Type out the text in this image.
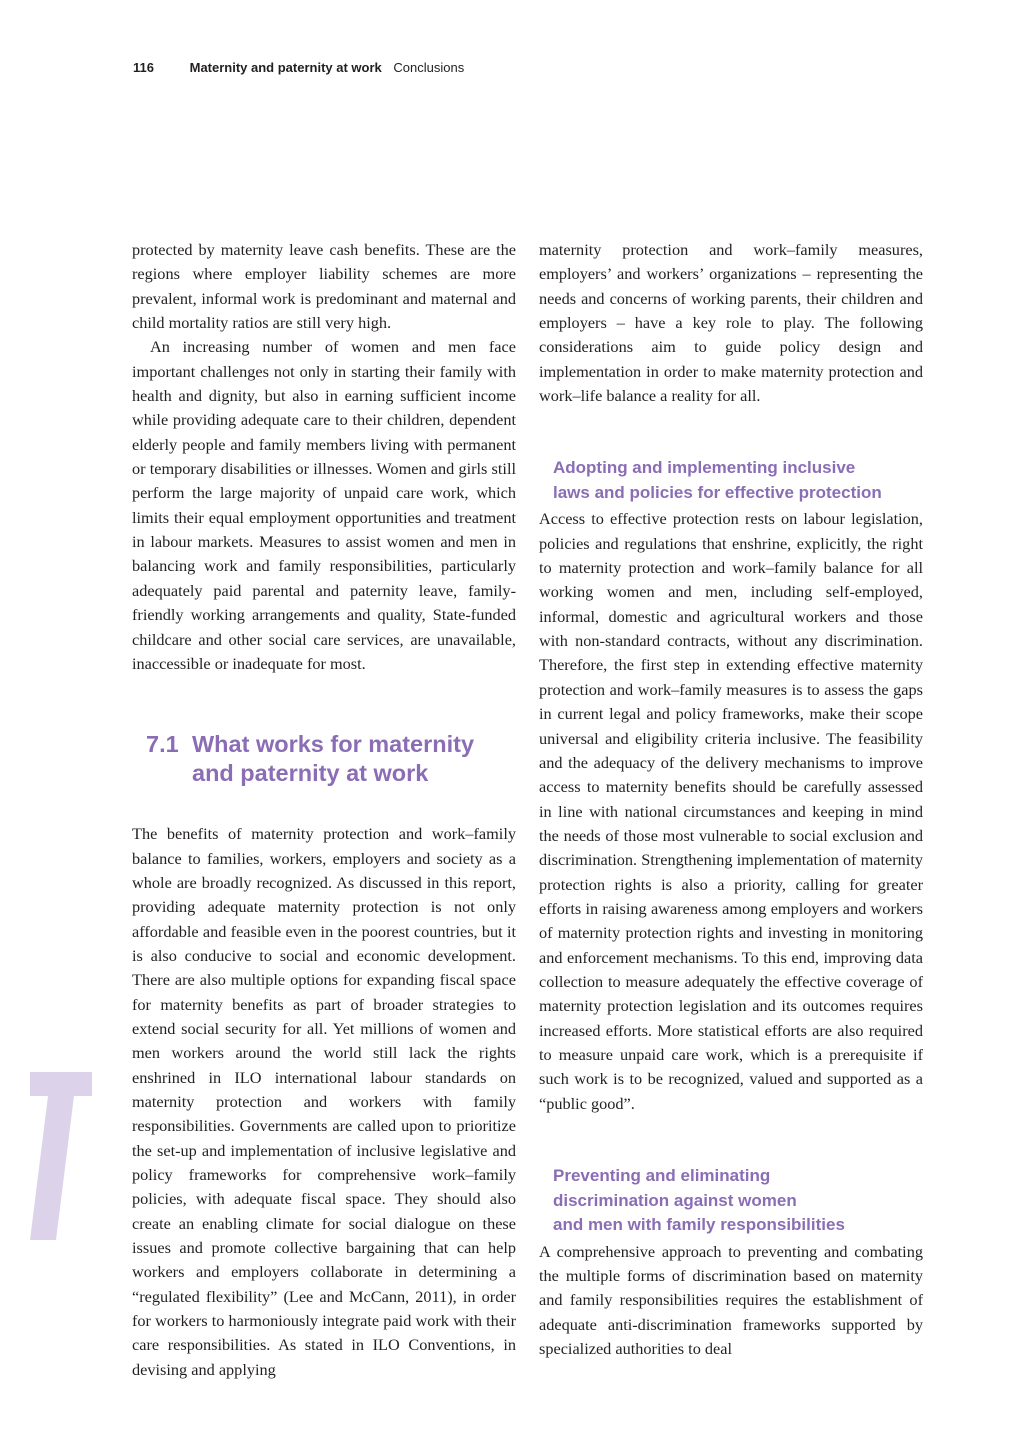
116	Maternity and paternity at work Conclusions

protected by maternity leave cash benefits. These are the regions where employer liability schemes are more prevalent, informal work is predominant and maternal and child mortality ratios are still very high.

An increasing number of women and men face important challenges not only in starting their family with health and dignity, but also in earning sufficient income while providing adequate care to their children, dependent elderly people and family members living with permanent or temporary disabilities or illnesses. Women and girls still perform the large majority of unpaid care work, which limits their equal employment opportunities and treatment in labour markets. Measures to assist women and men in balancing work and family responsibilities, particularly adequately paid parental and paternity leave, family-friendly working arrangements and quality, State-funded childcare and other social care services, are unavailable, inaccessible or inadequate for most.

7.1 What works for maternity
and paternity at work

The benefits of maternity protection and work–family balance to families, workers, employers and society as a whole are broadly recognized. As discussed in this report, providing adequate maternity protection is not only affordable and feasible even in the poorest countries, but it is also conducive to social and economic development. There are also multiple options for expanding fiscal space for maternity benefits as part of broader strategies to extend social security for all. Yet millions of women and men workers around the world still lack the rights enshrined in ILO international labour standards on maternity protection and workers with family responsibilities. Governments are called upon to prioritize the set-up and implementation of inclusive legislative and policy frameworks for comprehensive work–family policies, with adequate fiscal space. They should also create an enabling climate for social dialogue on these issues and promote collective bargaining that can help workers and employers collaborate in determining a “regulated flexibility” (Lee and McCann, 2011), in order for workers to harmoniously integrate paid work with their care responsibilities. As stated in ILO Conventions, in devising and applying

maternity protection and work–family measures, employers’ and workers’ organizations – representing the needs and concerns of working parents, their children and employers – have a key role to play. The following considerations aim to guide policy design and implementation in order to make maternity protection and work–life balance a reality for all.

Adopting and implementing inclusive
laws and policies for effective protection

Access to effective protection rests on labour legislation, policies and regulations that enshrine, explicitly, the right to maternity protection and work–family balance for all working women and men, including self-employed, informal, domestic and agricultural workers and those with non-standard contracts, without any discrimination. Therefore, the first step in extending effective maternity protection and work–family measures is to assess the gaps in current legal and policy frameworks, make their scope universal and eligibility criteria inclusive. The feasibility and the adequacy of the delivery mechanisms to improve access to maternity benefits should be carefully assessed in line with national circumstances and keeping in mind the needs of those most vulnerable to social exclusion and discrimination. Strengthening implementation of maternity protection rights is also a priority, calling for greater efforts in raising awareness among employers and workers of maternity protection rights and investing in monitoring and enforcement mechanisms. To this end, improving data collection to measure adequately the effective coverage of maternity protection legislation and its outcomes requires increased efforts. More statistical efforts are also required to measure unpaid care work, which is a prerequisite if such work is to be recognized, valued and supported as a “public good”.

Preventing and eliminating
discrimination against women
and men with family responsibilities

A comprehensive approach to preventing and combating the multiple forms of discrimination based on maternity and family responsibilities requires the establishment of adequate anti-discrimination frameworks supported by specialized authorities to deal
